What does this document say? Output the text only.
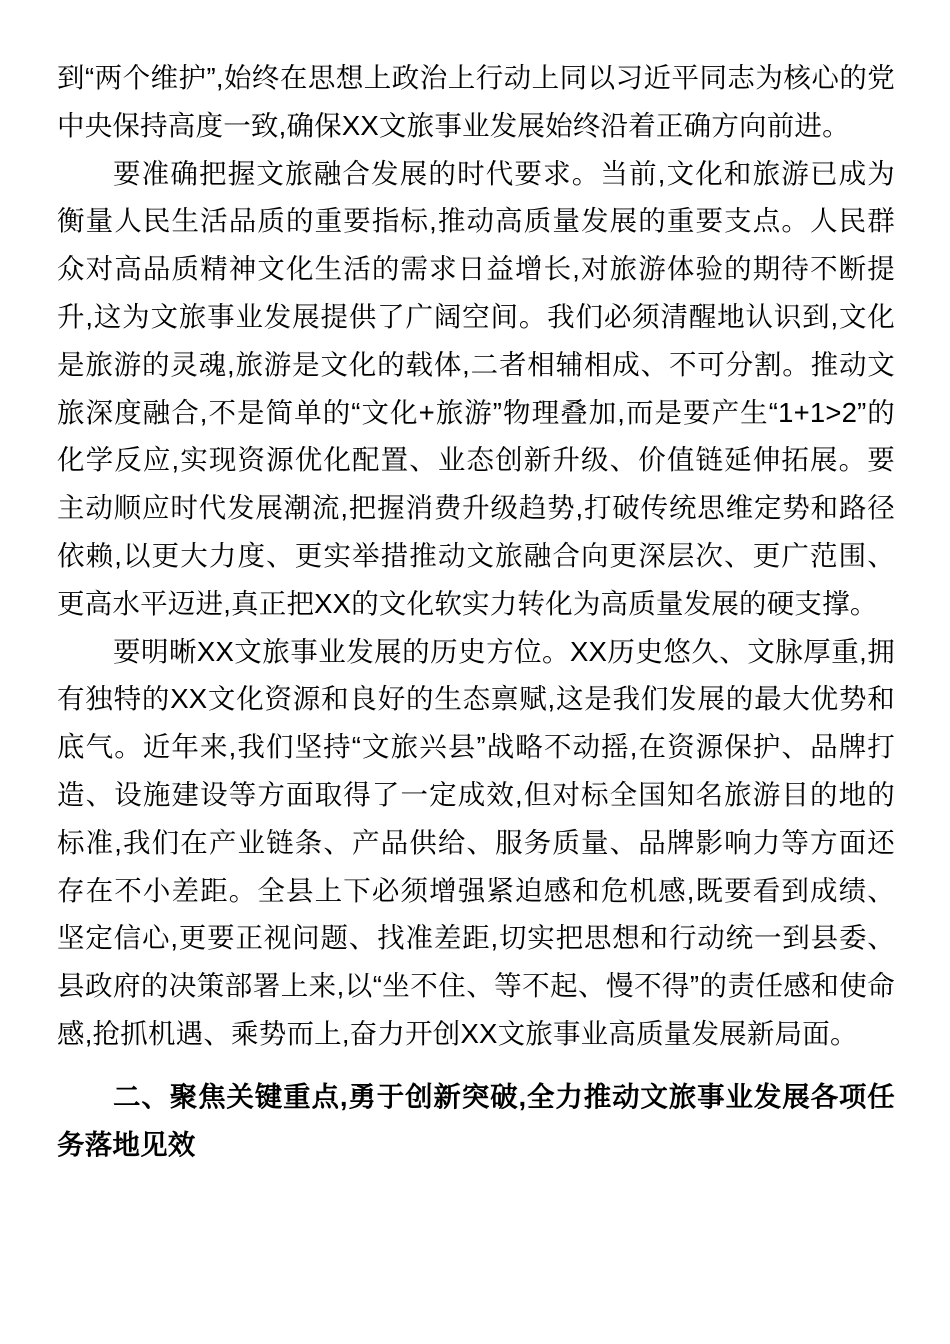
到“两个维护”,始终在思想上政治上行动上同以习近平同志为核心的党中央保持高度一致,确保XX文旅事业发展始终沿着正确方向前进。

要准确把握文旅融合发展的时代要求。当前,文化和旅游已成为衡量人民生活品质的重要指标,推动高质量发展的重要支点。人民群众对高品质精神文化生活的需求日益增长,对旅游体验的期待不断提升,这为文旅事业发展提供了广阔空间。我们必须清醒地认识到,文化是旅游的灵魂,旅游是文化的载体,二者相辅相成、不可分割。推动文旅深度融合,不是简单的“文化+旅游”物理叠加,而是要产生“1+1>2”的化学反应,实现资源优化配置、业态创新升级、价值链延伸拓展。要主动顺应时代发展潮流,把握消费升级趋势,打破传统思维定势和路径依赖,以更大力度、更实举措推动文旅融合向更深层次、更广范围、更高水平迈进,真正把XX的文化软实力转化为高质量发展的硬支撑。

要明晰XX文旅事业发展的历史方位。XX历史悠久、文脉厚重,拥有独特的XX文化资源和良好的生态禀赋,这是我们发展的最大优势和底气。近年来,我们坚持“文旅兴县”战略不动摇,在资源保护、品牌打造、设施建设等方面取得了一定成效,但对标全国知名旅游目的地的标准,我们在产业链条、产品供给、服务质量、品牌影响力等方面还存在不小差距。全县上下必须增强紧迫感和危机感,既要看到成绩、坚定信心,更要正视问题、找准差距,切实把思想和行动统一到县委、县政府的决策部署上来,以“坐不住、等不起、慢不得”的责任感和使命感,抢抓机遇、乘势而上,奋力开创XX文旅事业高质量发展新局面。

二、聚焦关键重点,勇于创新突破,全力推动文旅事业发展各项任务落地见效
